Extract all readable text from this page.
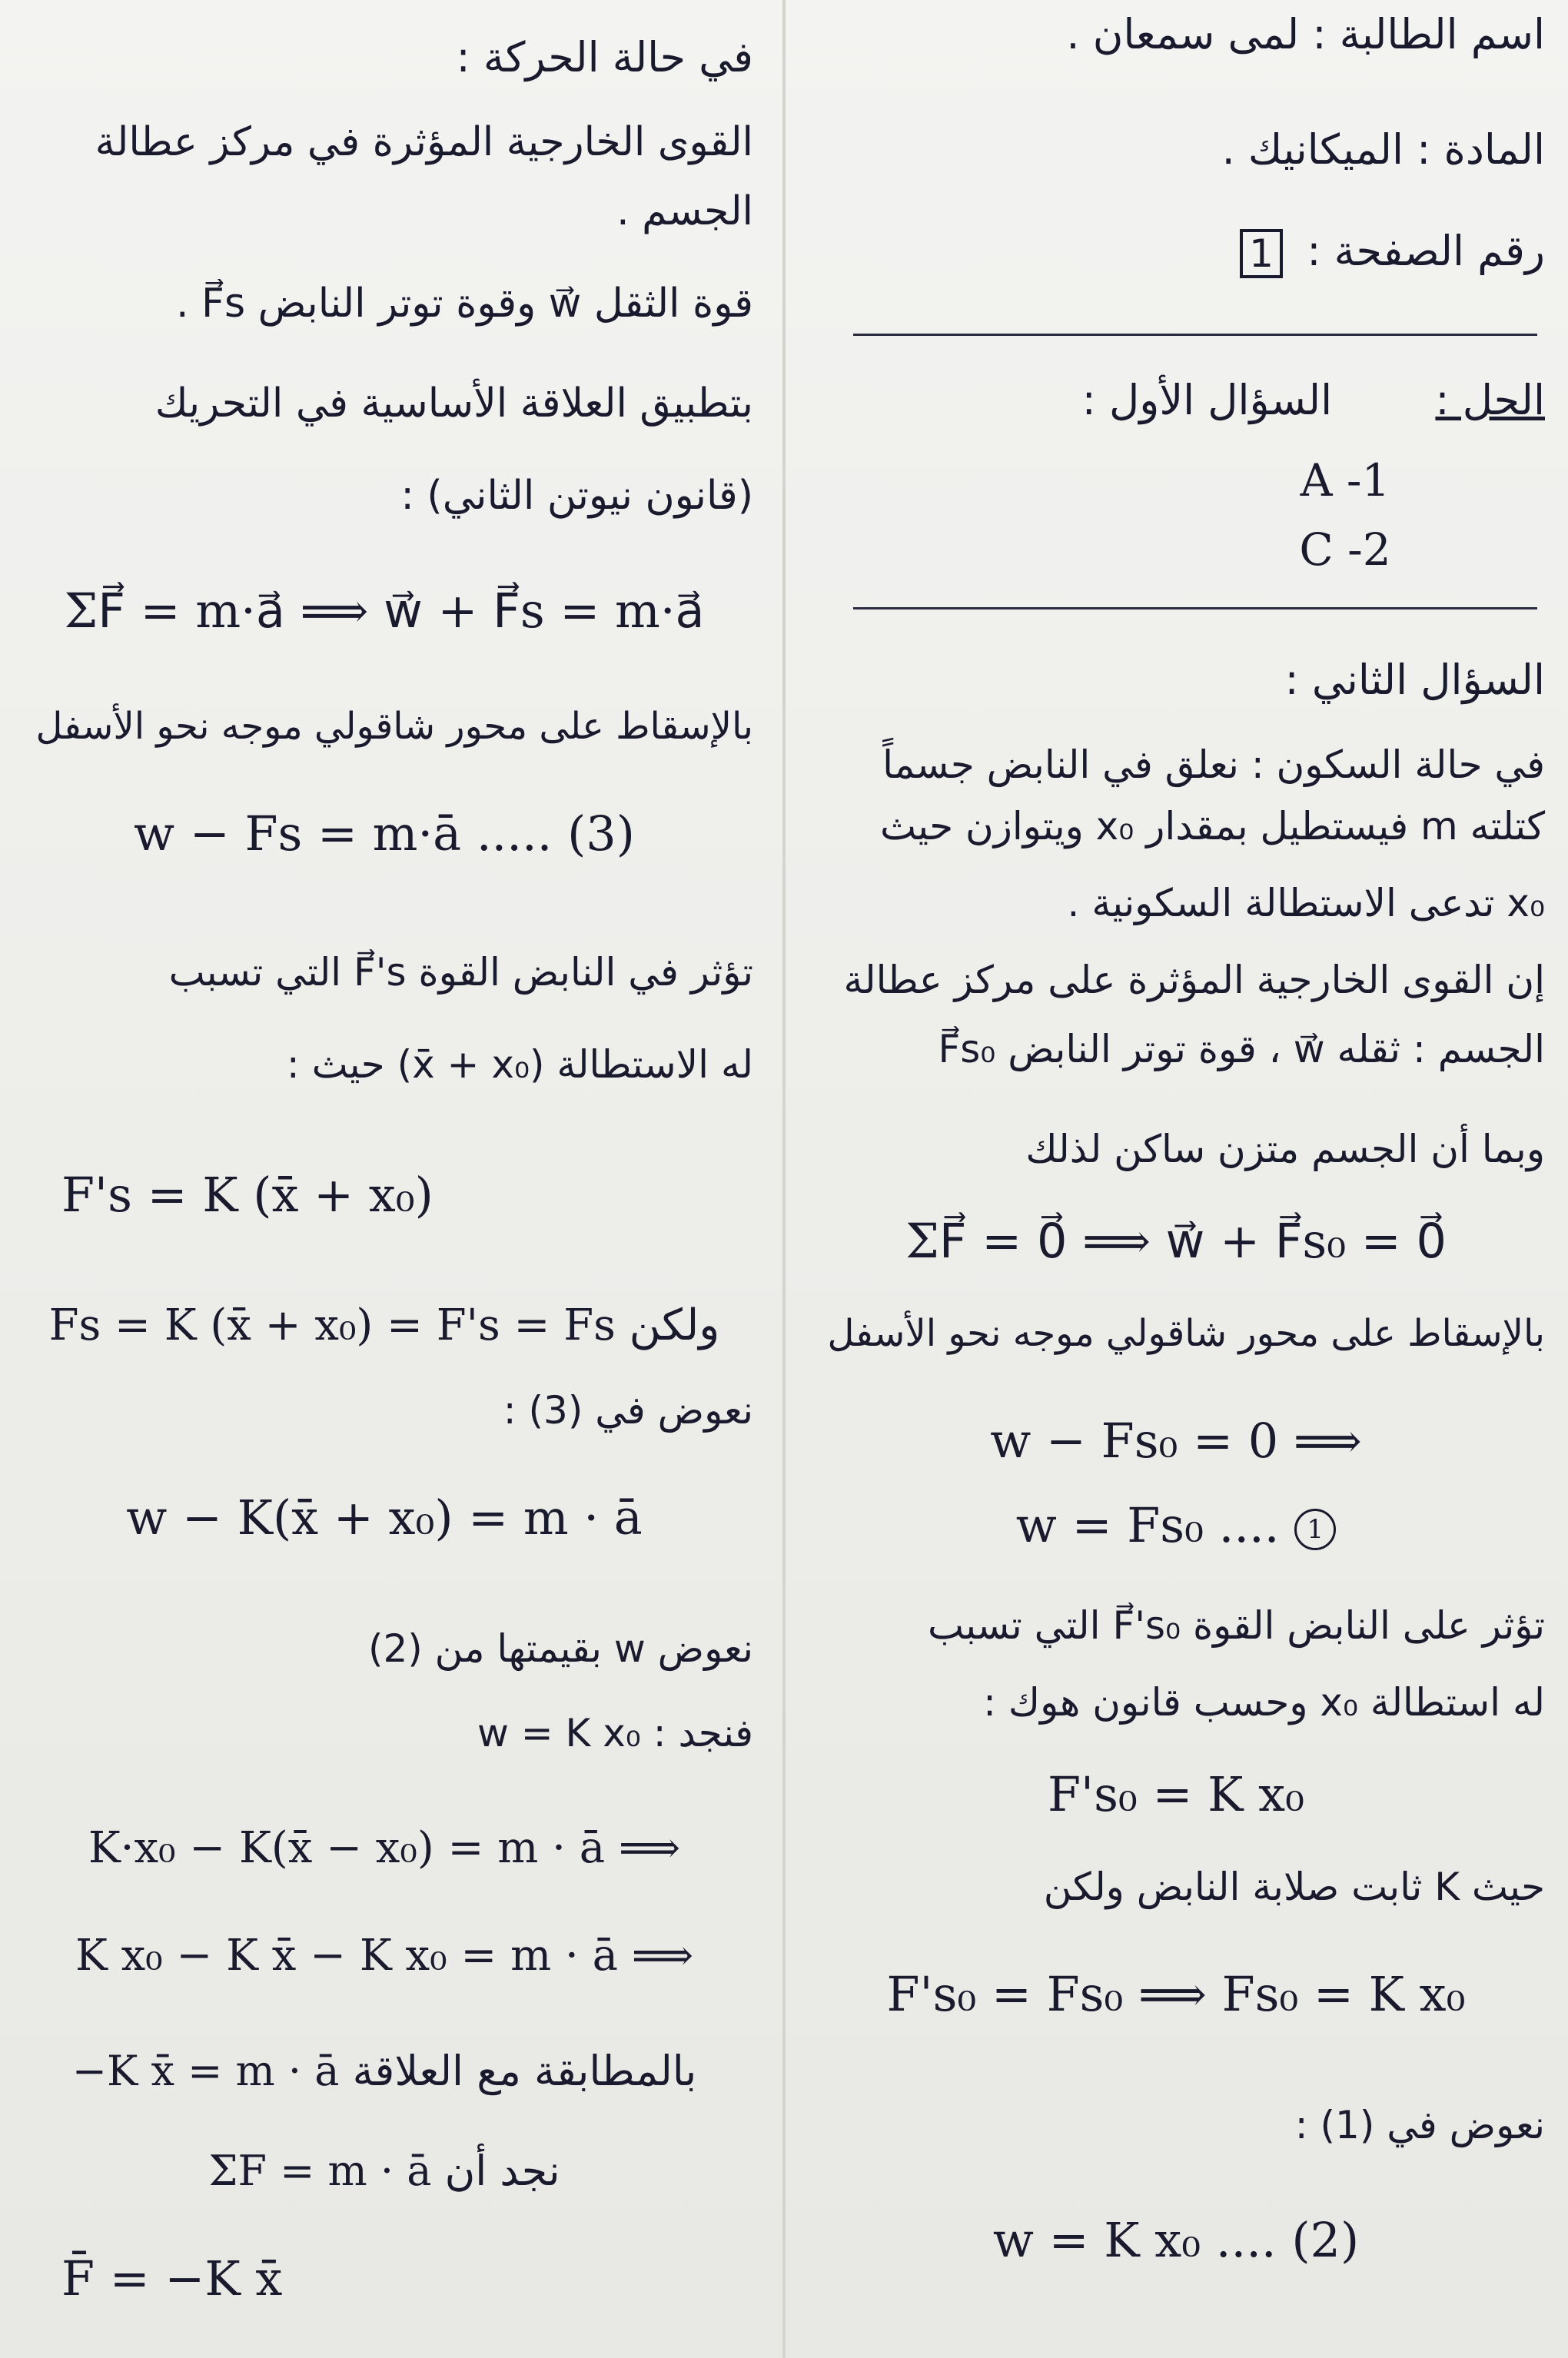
اسم الطالبة : لمى سمعان .
المادة : الميكانيك .
رقم الصفحة : 1
الحل :  السؤال الأول :
A -1
C -2
السؤال الثاني :
في حالة السكون : نعلق في النابض جسماً
كتلته m فيستطيل بمقدار x₀ ويتوازن حيث
x₀ تدعى الاستطالة السكونية .
إن القوى الخارجية المؤثرة على مركز عطالة
الجسم : ثقله w⃗ ، قوة توتر النابض F⃗s₀
وبما أن الجسم متزن ساكن لذلك
ΣF⃗ = 0⃗ ⟹ w⃗ + F⃗s₀ = 0⃗
بالإسقاط على محور شاقولي موجه نحو الأسفل
w − Fs₀ = 0 ⟹
w = Fs₀ .... 1
تؤثر على النابض القوة F⃗'s₀ التي تسبب
له استطالة x₀ وحسب قانون هوك :
F's₀ = K x₀
حيث K ثابت صلابة النابض ولكن
F's₀ = Fs₀ ⟹ Fs₀ = K x₀
نعوض في (1) :
w = K x₀ .... (2)
في حالة الحركة :
القوى الخارجية المؤثرة في مركز عطالة
الجسم .
قوة الثقل w⃗ وقوة توتر النابض F⃗s .
بتطبيق العلاقة الأساسية في التحريك
(قانون نيوتن الثاني) :
ΣF⃗ = m·a⃗ ⟹ w⃗ + F⃗s = m·a⃗
بالإسقاط على محور شاقولي موجه نحو الأسفل
w − Fs = m·ā ..... (3)
تؤثر في النابض القوة F⃗'s التي تسبب
له الاستطالة (x̄ + x₀) حيث :
F's = K (x̄ + x₀)
Fs = K (x̄ + x₀) = F's = Fs ولكن
نعوض في (3) :
w − K(x̄ + x₀) = m · ā
نعوض w بقيمتها من (2)
فنجد : w = K x₀
K·x₀ − K(x̄ − x₀) = m · ā ⟹
K x₀ − K x̄ − K x₀ = m · ā ⟹
−K x̄ = m · ā بالمطابقة مع العلاقة
ΣF = m · ā نجد أن
F̄ = −K x̄
